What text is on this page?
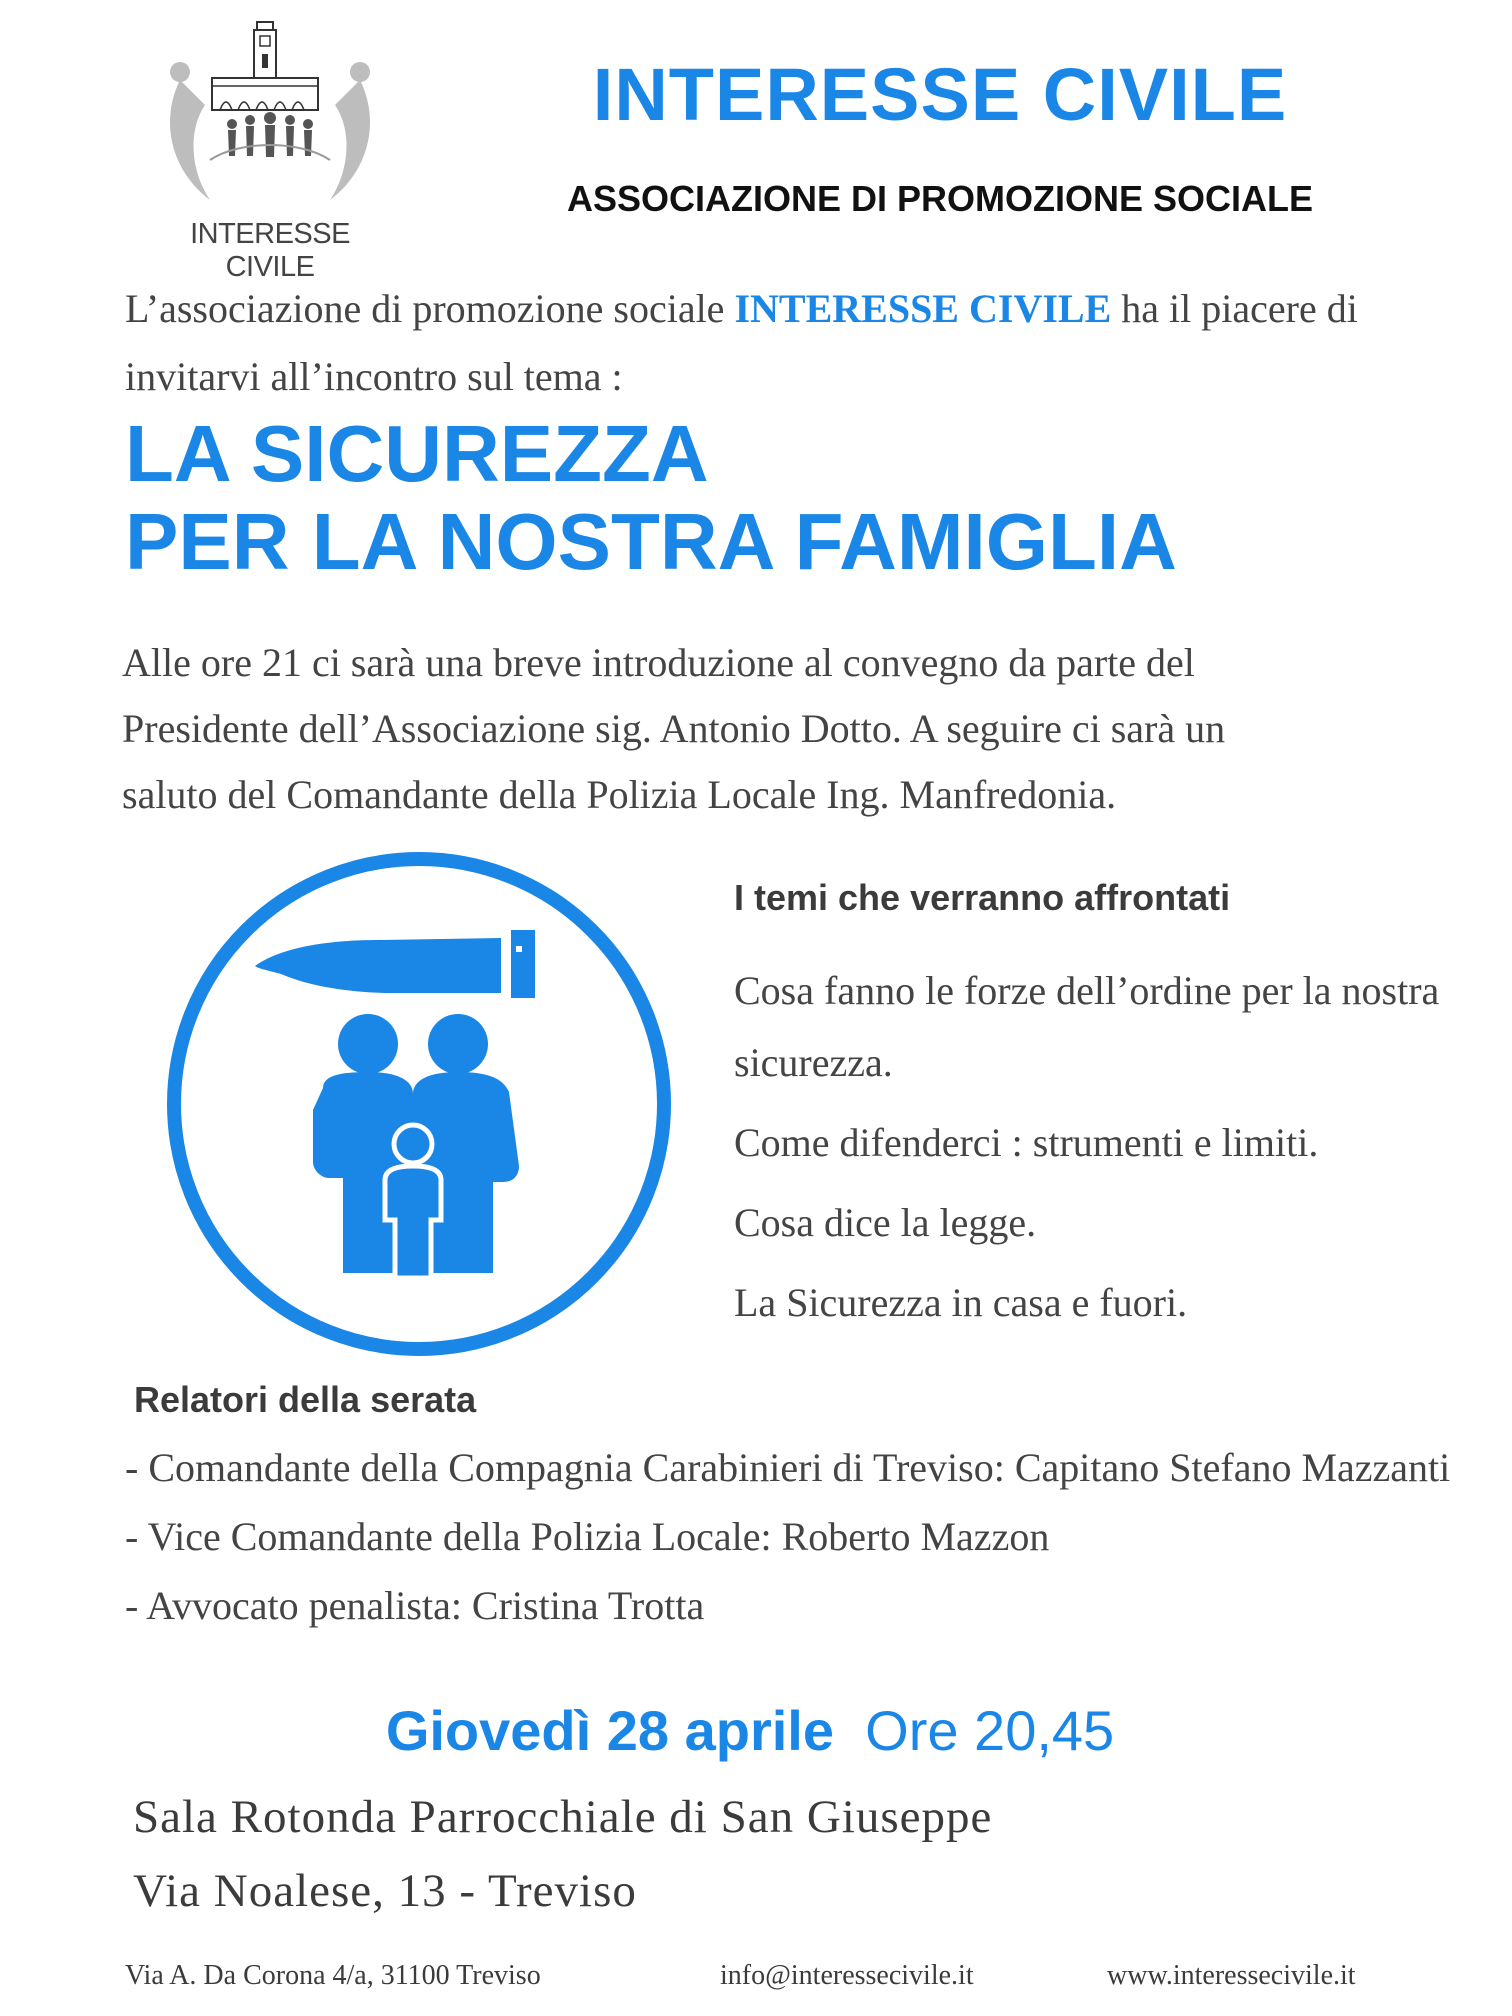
INTERESSE CIVILE
INTERESSE CIVILE
ASSOCIAZIONE DI PROMOZIONE SOCIALE
L’associazione di promozione sociale INTERESSE CIVILE ha il piacere di invitarvi all’incontro sul tema :
LA SICUREZZA
PER LA NOSTRA FAMIGLIA
Alle ore 21 ci sarà una breve introduzione al convegno da parte del
Presidente dell’Associazione sig. Antonio Dotto. A seguire ci sarà un
saluto del Comandante della Polizia Locale Ing. Manfredonia.
I temi che verranno affrontati
Cosa fanno le forze dell’ordine per la nostra sicurezza.
Come difenderci : strumenti e limiti.
Cosa dice la legge.
La Sicurezza in casa e fuori.
Relatori della serata
- Comandante della Compagnia Carabinieri di Treviso: Capitano Stefano Mazzanti
- Vice Comandante della Polizia Locale: Roberto Mazzon
- Avvocato penalista: Cristina Trotta
Giovedì 28 aprile Ore 20,45
Sala Rotonda Parrocchiale di San Giuseppe
Via Noalese, 13 - Treviso
Via A. Da Corona 4/a, 31100 Treviso	info@interessecivile.it	www.interessecivile.it
